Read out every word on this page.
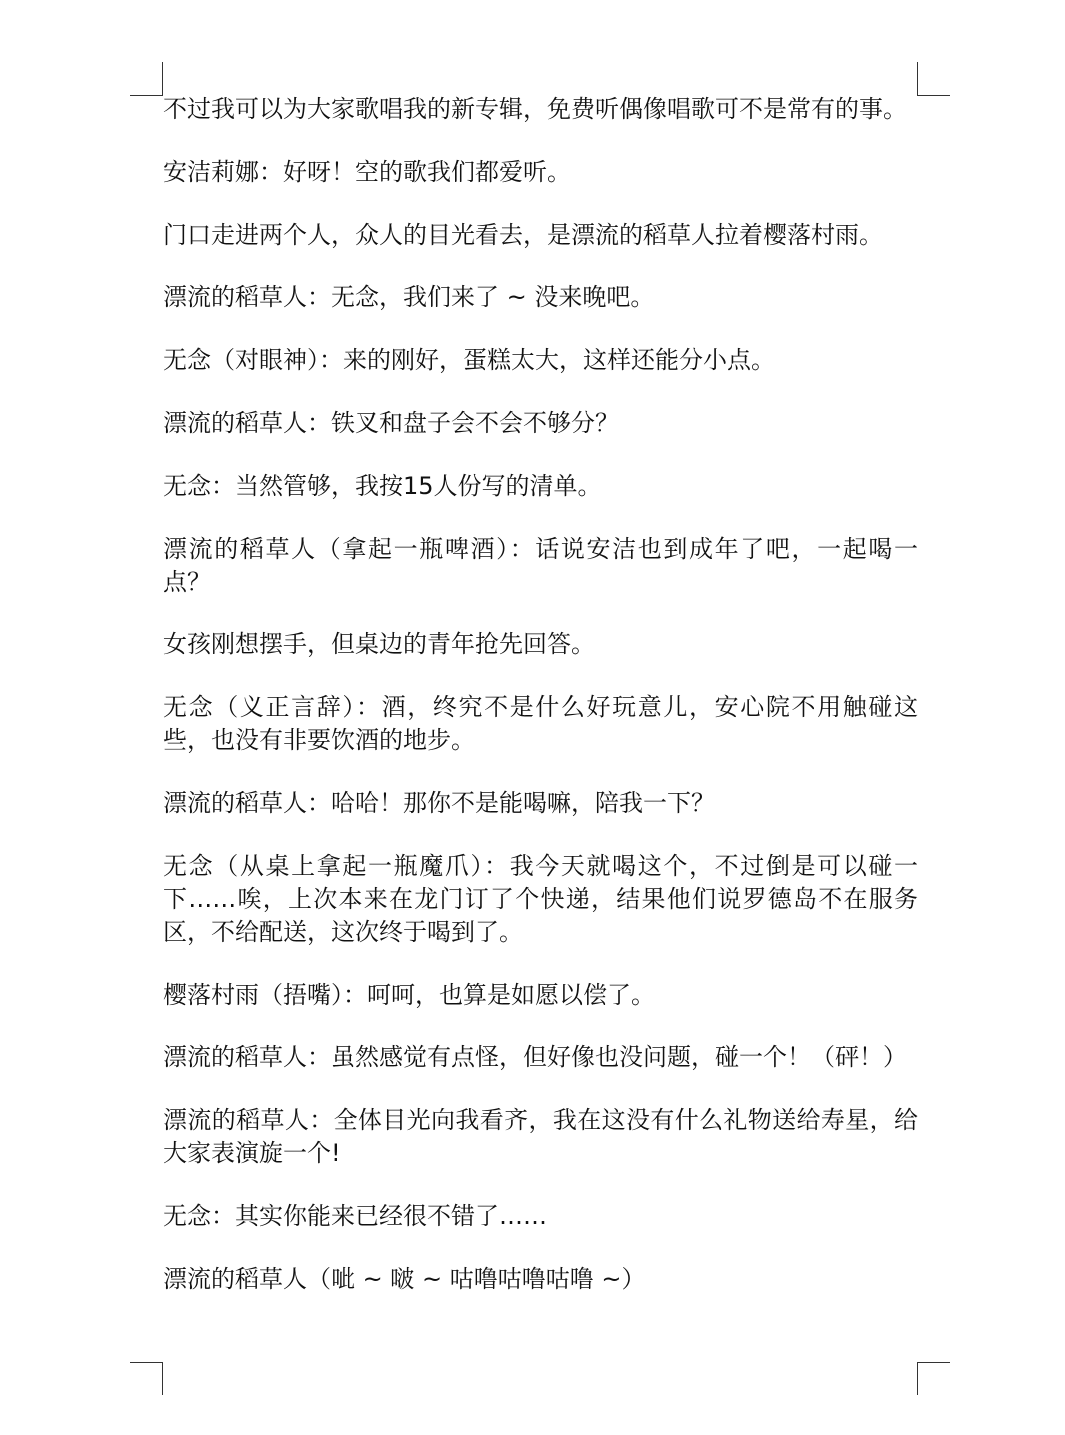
不过我可以为大家歌唱我的新专辑，免费听偶像唱歌可不是常有的事。

安洁莉娜：好呀！空的歌我们都爱听。

门口走进两个人，众人的目光看去，是漂流的稻草人拉着樱落村雨。

漂流的稻草人：无念，我们来了 ~ 没来晚吧。

无念（对眼神）：来的刚好，蛋糕太大，这样还能分小点。

漂流的稻草人：铁叉和盘子会不会不够分？

无念：当然管够，我按15人份写的清单。

漂流的稻草人（拿起一瓶啤酒）：话说安洁也到成年了吧，一起喝一点？

女孩刚想摆手，但桌边的青年抢先回答。

无念（义正言辞）：酒，终究不是什么好玩意儿，安心院不用触碰这些，也没有非要饮酒的地步。

漂流的稻草人：哈哈！那你不是能喝嘛，陪我一下？

无念（从桌上拿起一瓶魔爪）：我今天就喝这个，不过倒是可以碰一下……唉，上次本来在龙门订了个快递，结果他们说罗德岛不在服务区，不给配送，这次终于喝到了。

樱落村雨（捂嘴）：呵呵，也算是如愿以偿了。

漂流的稻草人：虽然感觉有点怪，但好像也没问题，碰一个！（砰！）

漂流的稻草人：全体目光向我看齐，我在这没有什么礼物送给寿星，给大家表演旋一个!

无念：其实你能来已经很不错了……

漂流的稻草人（呲 ~ 啵 ~ 咕噜咕噜咕噜 ~）
